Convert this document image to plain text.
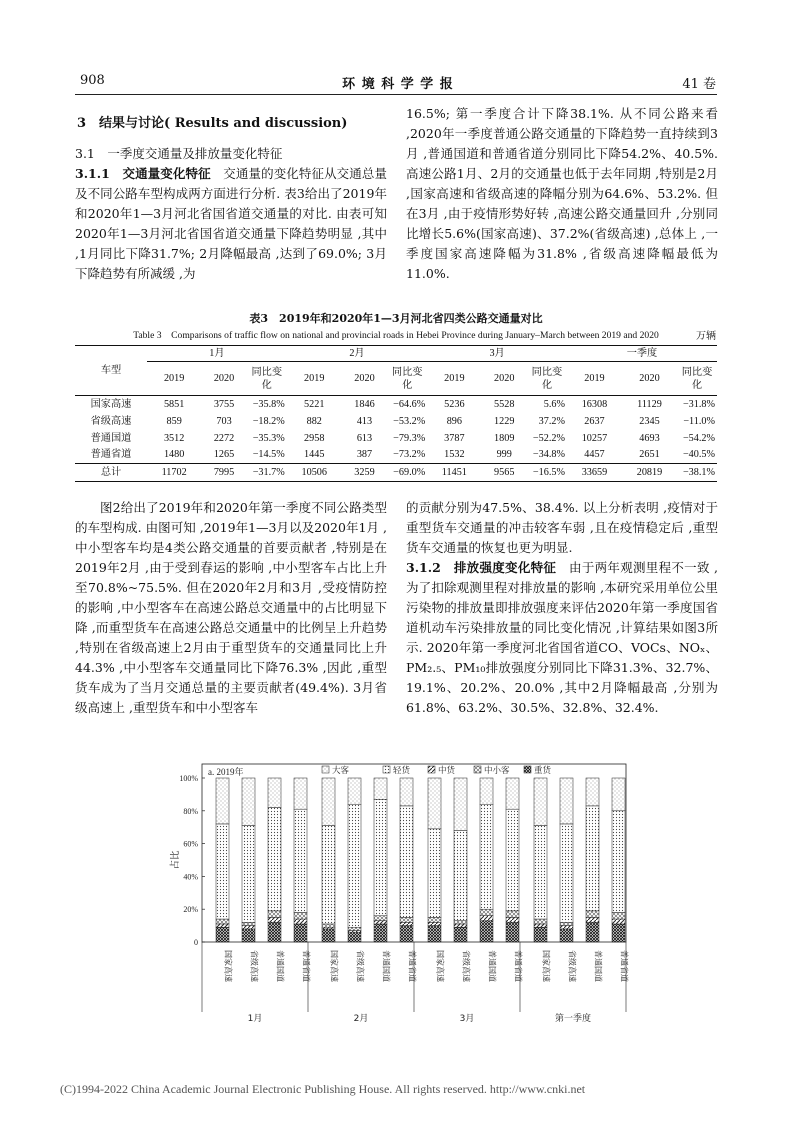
908	环 境 科 学 学 报	41 卷

3　结果与讨论( Results and discussion)

3.1　一季度交通量及排放量变化特征

3.1.1　交通量变化特征　 交通量的变化特征从交通总量及不同公路车型构成两方面进行分析. 表3给出了2019年和2020年1—3月河北省国省道交通量的对比. 由表可知 2020年1—3月河北省国省道交通量下降趋势明显 ,其中 ,1月同比下降31.7%; 2月降幅最高 ,达到了69.0%; 3月下降趋势有所减缓 ,为

16.5%; 第一季度合计下降38.1%. 从不同公路来看 ,2020年一季度普通公路交通量的下降趋势一直持续到3月 ,普通国道和普通省道分别同比下降54.2%、40.5%. 高速公路1月、2月的交通量也低于去年同期 ,特别是2月 ,国家高速和省级高速的降幅分别为64.6%、53.2%. 但在3月 ,由于疫情形势好转 ,高速公路交通量回升 ,分别同比增长5.6%(国家高速)、37.2%(省级高速) ,总体上 ,一季度国家高速降幅为31.8% ,省级高速降幅最低为11.0%.

表3　2019年和2020年1—3月河北省四类公路交通量对比
Table 3　Comparisons of traffic flow on national and provincial roads in Hebei Province during January–March between 2019 and 2020	万辆
车型	1月			2月			3月			一季度		
	2019	2020	同比变化	2019	2020	同比变化	2019	2020	同比变化	2019	2020	同比变化
国家高速	5851	3755	−35.8%	5221	1846	−64.6%	5236	5528	5.6%	16308	11129	−31.8%
省级高速	859	703	−18.2%	882	413	−53.2%	896	1229	37.2%	2637	2345	−11.0%
普通国道	3512	2272	−35.3%	2958	613	−79.3%	3787	1809	−52.2%	10257	4693	−54.2%
普通省道	1480	1265	−14.5%	1445	387	−73.2%	1532	999	−34.8%	4457	2651	−40.5%
总计	11702	7995	−31.7%	10506	3259	−69.0%	11451	9565	−16.5%	33659	20819	−38.1%

图2给出了2019年和2020年第一季度不同公路类型的车型构成. 由图可知 ,2019年1—3月以及2020年1月 ,中小型客车均是4类公路交通量的首要贡献者 ,特别是在2019年2月 ,由于受到春运的影响 ,中小型客车占比上升至70.8%~75.5%. 但在2020年2月和3月 ,受疫情防控的影响 ,中小型客车在高速公路总交通量中的占比明显下降 ,而重型货车在高速公路总交通量中的比例呈上升趋势 ,特别在省级高速上2月由于重型货车的交通量同比上升44.3% ,中小型客车交通量同比下降76.3% ,因此 ,重型货车成为了当月交通总量的主要贡献者(49.4%). 3月省级高速上 ,重型货车和中小型客车

的贡献分别为47.5%、38.4%. 以上分析表明 ,疫情对于重型货车交通量的冲击较客车弱 ,且在疫情稳定后 ,重型货车交通量的恢复也更为明显.

3.1.2　排放强度变化特征　 由于两年观测里程不一致 ,为了扣除观测里程对排放量的影响 ,本研究采用单位公里污染物的排放量即排放强度来评估2020年第一季度国省道机动车污染排放量的同比变化情况 ,计算结果如图3所示. 2020年第一季度河北省国省道CO、VOCs、NOₓ、PM₂.₅、PM₁₀排放强度分别同比下降31.3%、32.7%、19.1%、20.2%、20.0% ,其中2月降幅最高 ,分别为61.8%、63.2%、30.5%、32.8%、32.4%.

a. 2019年	大客	轻货	中货	中小客	重货
0
20%
40%
60%
80%
100%
占比
国家高速 省级高速 普通国道 普通省道
1月
国家高速 省级高速 普通国道 普通省道
2月
国家高速 省级高速 普通国道 普通省道
3月
国家高速 省级高速 普通国道 普通省道
第一季度
(C)1994-2022 China Academic Journal Electronic Publishing House. All rights reserved. http://www.cnki.net
